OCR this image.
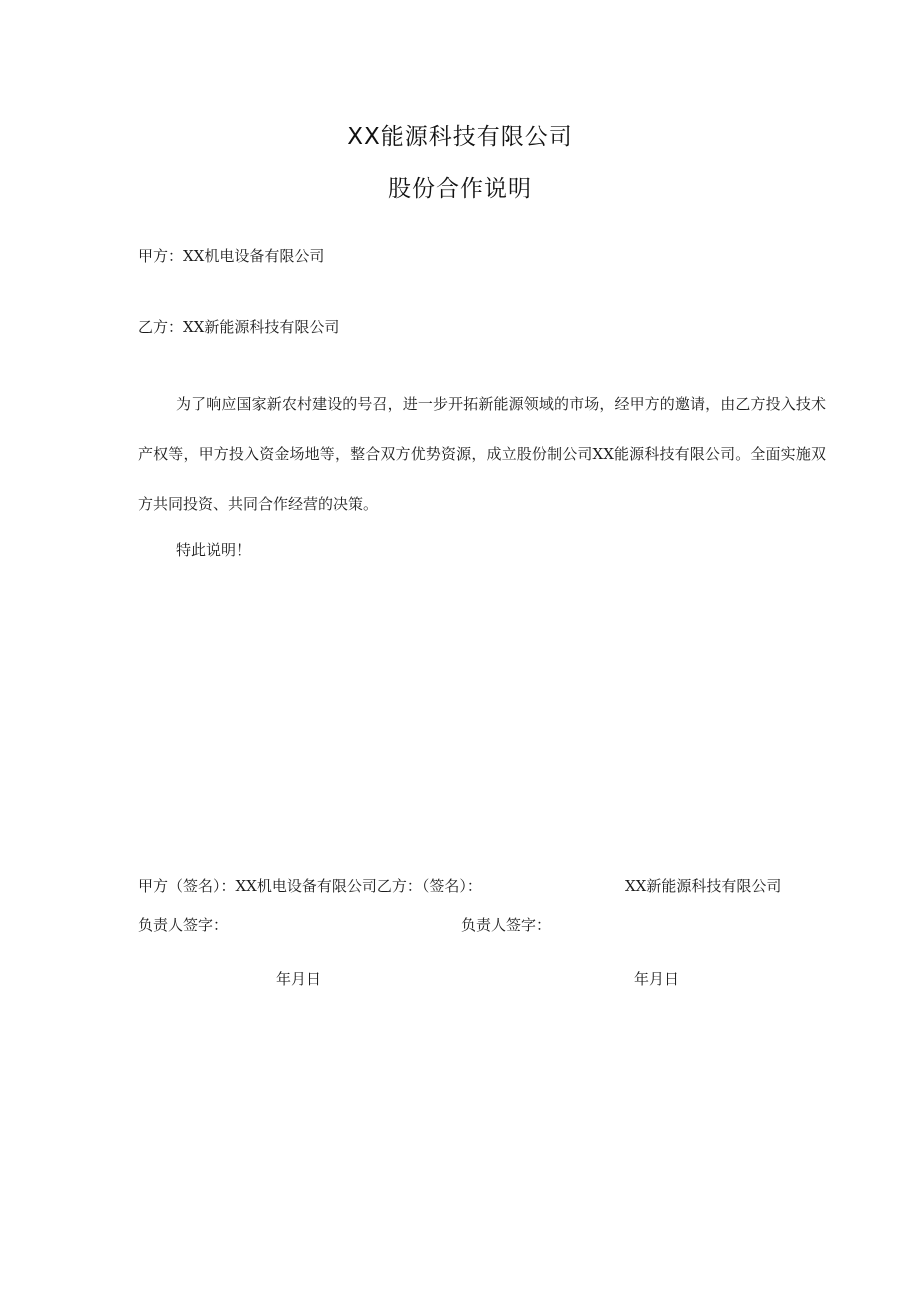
XX能源科技有限公司
股份合作说明
甲方：XX机电设备有限公司
乙方：XX新能源科技有限公司
为了响应国家新农村建设的号召，进一步开拓新能源领域的市场，经甲方的邀请，由乙方投入技术产权等，甲方投入资金场地等，整合双方优势资源，成立股份制公司XX能源科技有限公司。全面实施双方共同投资、共同合作经营的决策。
特此说明！
甲方（签名）：XX机电设备有限公司乙方：（签名）：	XX新能源科技有限公司
负责人签字：	负责人签字：
年月日	年月日
